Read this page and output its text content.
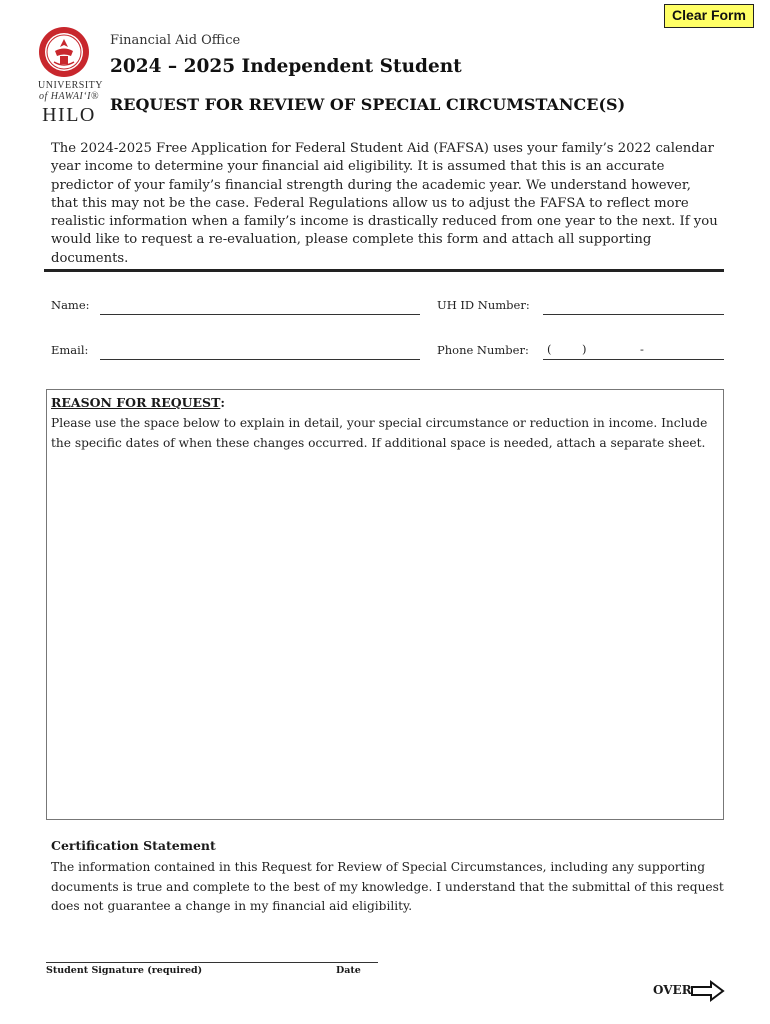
Clear Form
UNIVERSITY
of HAWAIʻI®
HILO
Financial Aid Office
2024 – 2025 Independent Student
REQUEST FOR REVIEW OF SPECIAL CIRCUMSTANCE(S)
The 2024-2025 Free Application for Federal Student Aid (FAFSA) uses your family’s 2022 calendar year income to determine your financial aid eligibility. It is assumed that this is an accurate predictor of your family’s financial strength during the academic year. We understand however, that this may not be the case. Federal Regulations allow us to adjust the FAFSA to reflect more realistic information when a family’s income is drastically reduced from one year to the next. If you would like to request a re-evaluation, please complete this form and attach all supporting documents.
Name:	UH ID Number:
Email:	Phone Number: (	)	-
REASON FOR REQUEST:
Please use the space below to explain in detail, your special circumstance or reduction in income. Include the specific dates of when these changes occurred. If additional space is needed, attach a separate sheet.
Certification Statement
The information contained in this Request for Review of Special Circumstances, including any supporting documents is true and complete to the best of my knowledge. I understand that the submittal of this request does not guarantee a change in my financial aid eligibility.
Student Signature (required)	Date
OVER
